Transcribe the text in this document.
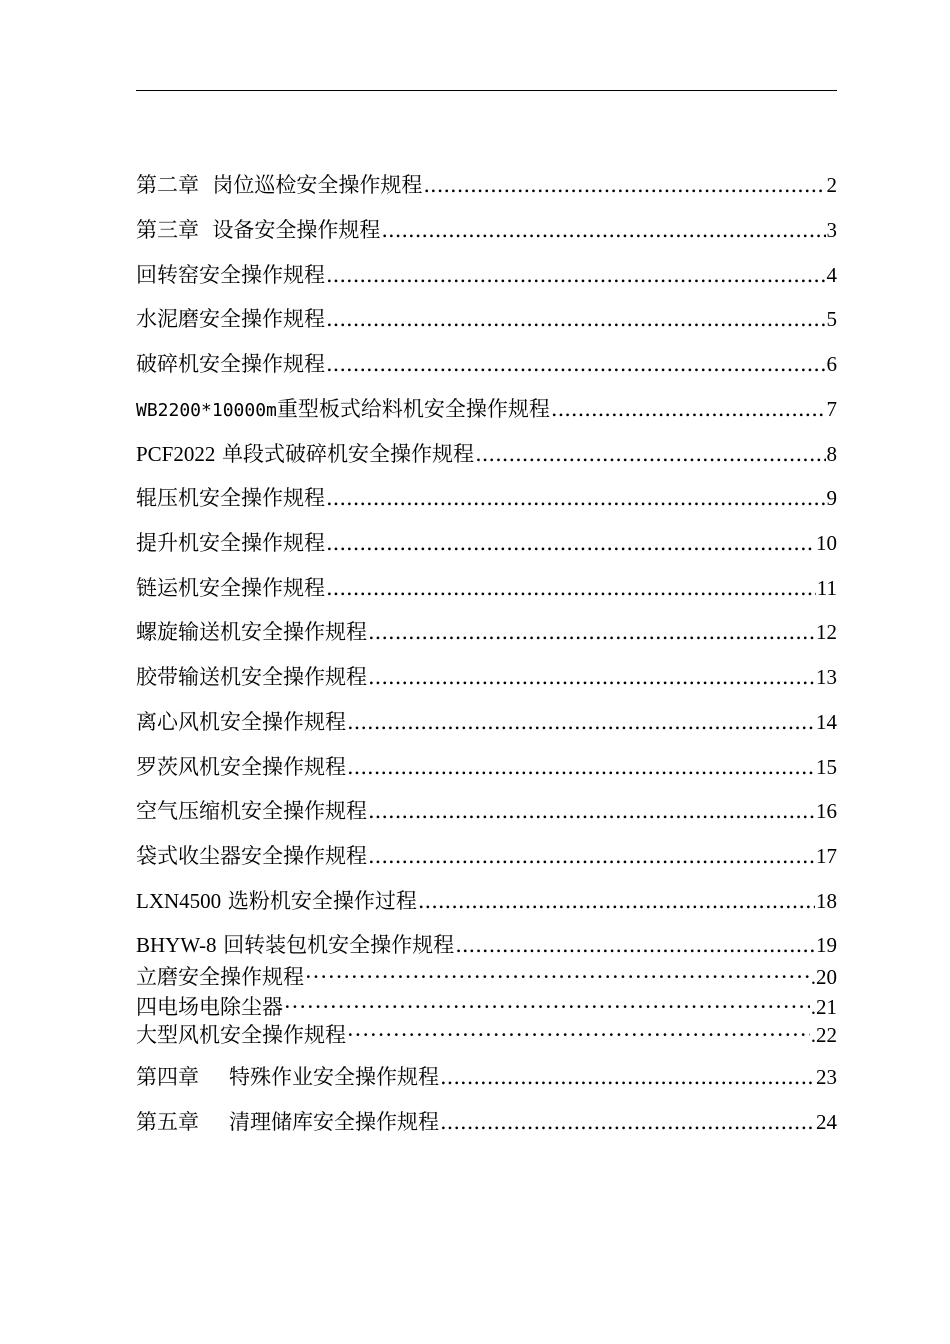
第二章 岗位巡检安全操作规程 .....	2
第三章 设备安全操作规程 .....	3
回转窑安全操作规程 .....	4
水泥磨安全操作规程 .....	5
破碎机安全操作规程 .....	6
WB2200*10000m重型板式给料机安全操作规程 .....	7
PCF2022 单段式破碎机安全操作规程 .....	8
辊压机安全操作规程 .....	9
提升机安全操作规程 .....	10
链运机安全操作规程 .....	11
螺旋输送机安全操作规程 .....	12
胶带输送机安全操作规程 .....	13
离心风机安全操作规程 .....	14
罗茨风机安全操作规程 .....	15
空气压缩机安全操作规程 .....	16
袋式收尘器安全操作规程 .....	17
LXN4500 选粉机安全操作过程 .....	18
BHYW-8 回转装包机安全操作规程 .....	19
立磨安全操作规程 ·····	.20
四电场电除尘器 ·····	.21
大型风机安全操作规程 ·····	.22
第四章 特殊作业安全操作规程 .....	23
第五章 清理储库安全操作规程 .....	24
